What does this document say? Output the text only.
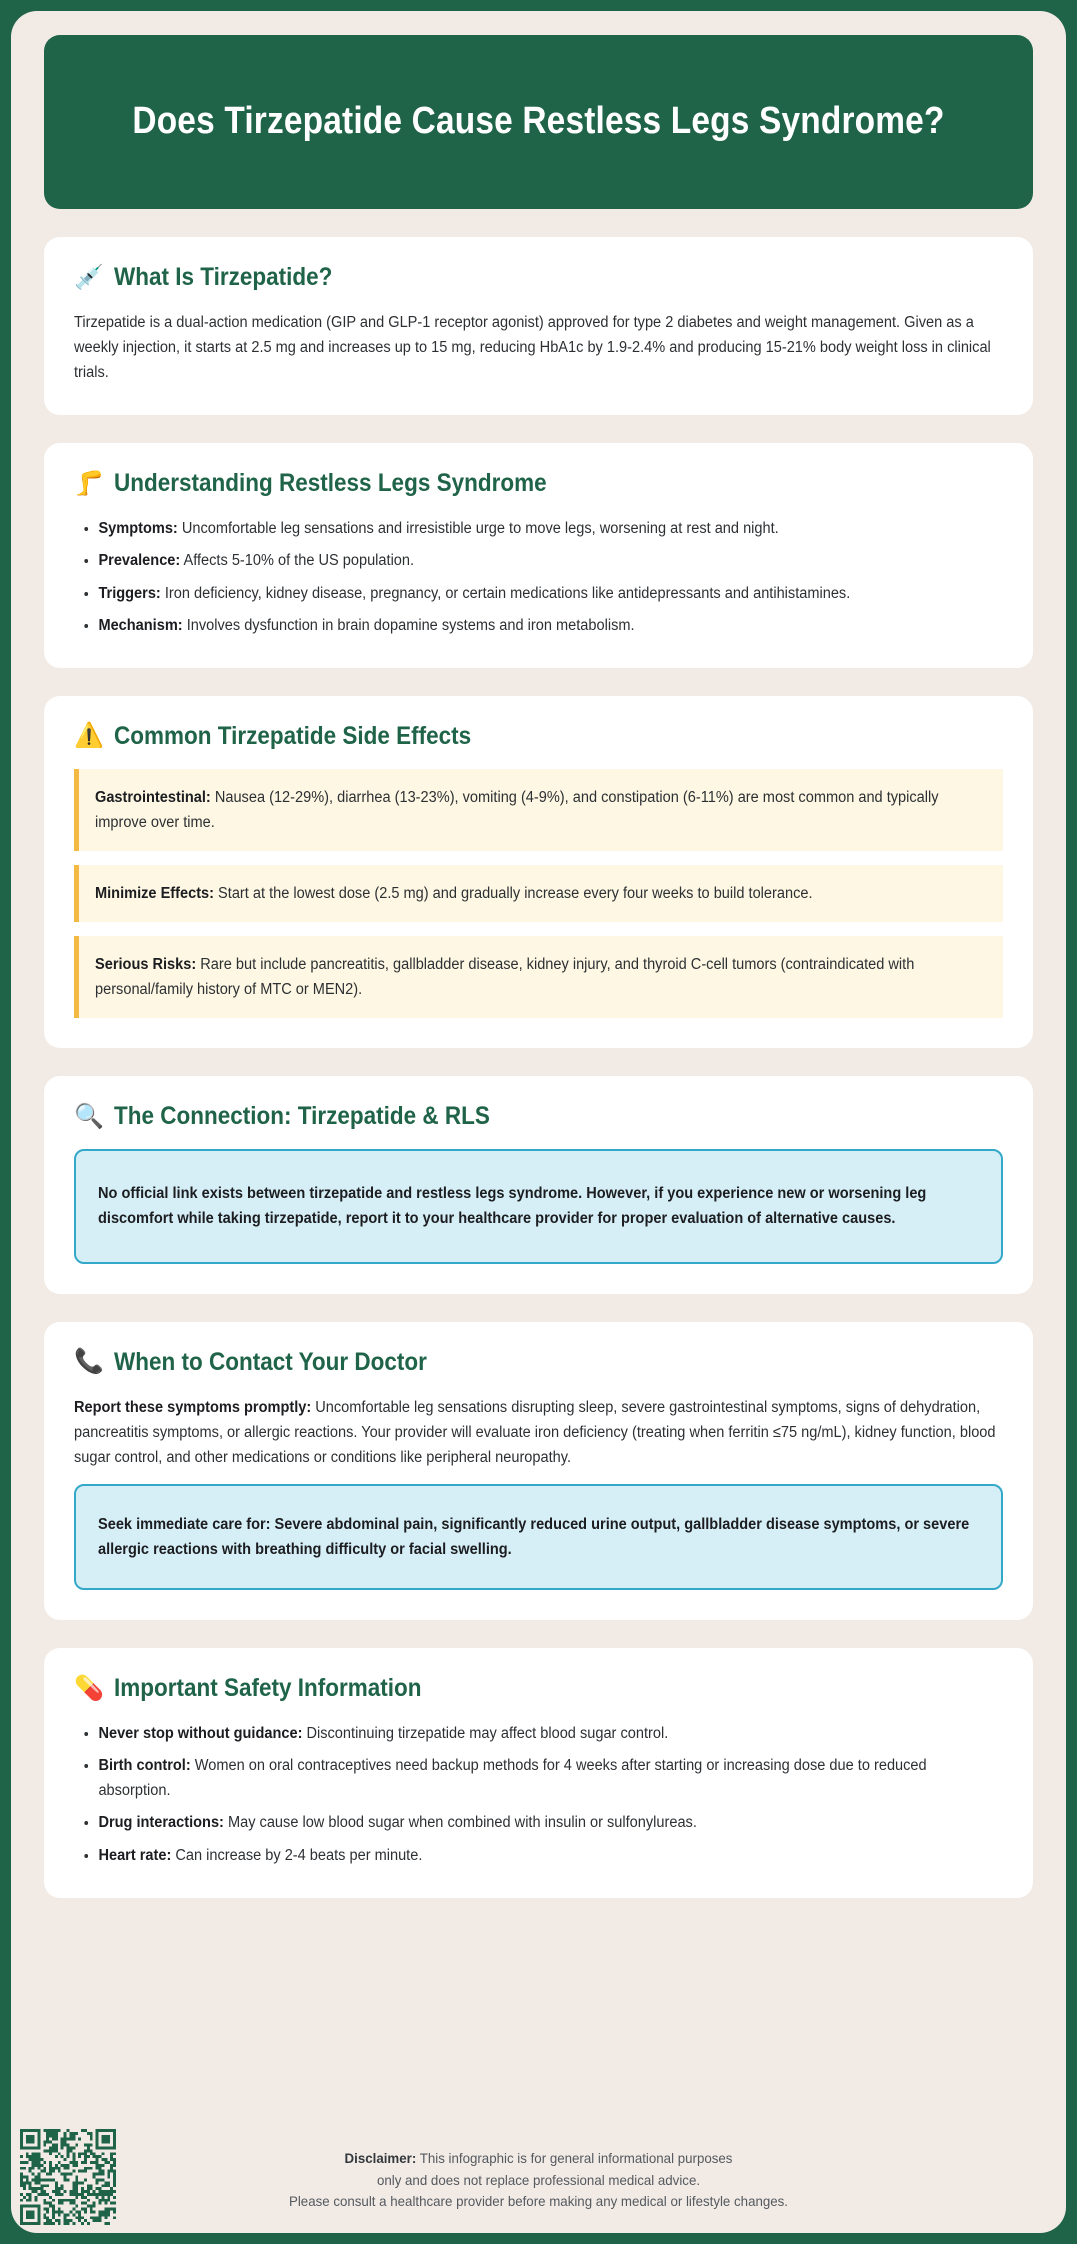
Does Tirzepatide Cause Restless Legs Syndrome?
💉 What Is Tirzepatide?
Tirzepatide is a dual-action medication (GIP and GLP-1 receptor agonist) approved for type 2 diabetes and weight management. Given as a weekly injection, it starts at 2.5 mg and increases up to 15 mg, reducing HbA1c by 1.9-2.4% and producing 15-21% body weight loss in clinical trials.
🦵 Understanding Restless Legs Syndrome
• Symptoms: Uncomfortable leg sensations and irresistible urge to move legs, worsening at rest and night.
• Prevalence: Affects 5-10% of the US population.
• Triggers: Iron deficiency, kidney disease, pregnancy, or certain medications like antidepressants and antihistamines.
• Mechanism: Involves dysfunction in brain dopamine systems and iron metabolism.
⚠️ Common Tirzepatide Side Effects
Gastrointestinal: Nausea (12-29%), diarrhea (13-23%), vomiting (4-9%), and constipation (6-11%) are most common and typically improve over time.
Minimize Effects: Start at the lowest dose (2.5 mg) and gradually increase every four weeks to build tolerance.
Serious Risks: Rare but include pancreatitis, gallbladder disease, kidney injury, and thyroid C-cell tumors (contraindicated with personal/family history of MTC or MEN2).
🔍 The Connection: Tirzepatide & RLS
No official link exists between tirzepatide and restless legs syndrome. However, if you experience new or worsening leg discomfort while taking tirzepatide, report it to your healthcare provider for proper evaluation of alternative causes.
📞 When to Contact Your Doctor
Report these symptoms promptly: Uncomfortable leg sensations disrupting sleep, severe gastrointestinal symptoms, signs of dehydration, pancreatitis symptoms, or allergic reactions. Your provider will evaluate iron deficiency (treating when ferritin ≤75 ng/mL), kidney function, blood sugar control, and other medications or conditions like peripheral neuropathy.
Seek immediate care for: Severe abdominal pain, significantly reduced urine output, gallbladder disease symptoms, or severe allergic reactions with breathing difficulty or facial swelling.
💊 Important Safety Information
• Never stop without guidance: Discontinuing tirzepatide may affect blood sugar control.
• Birth control: Women on oral contraceptives need backup methods for 4 weeks after starting or increasing dose due to reduced absorption.
• Drug interactions: May cause low blood sugar when combined with insulin or sulfonylureas.
• Heart rate: Can increase by 2-4 beats per minute.
Disclaimer: This infographic is for general informational purposes
only and does not replace professional medical advice.
Please consult a healthcare provider before making any medical or lifestyle changes.
